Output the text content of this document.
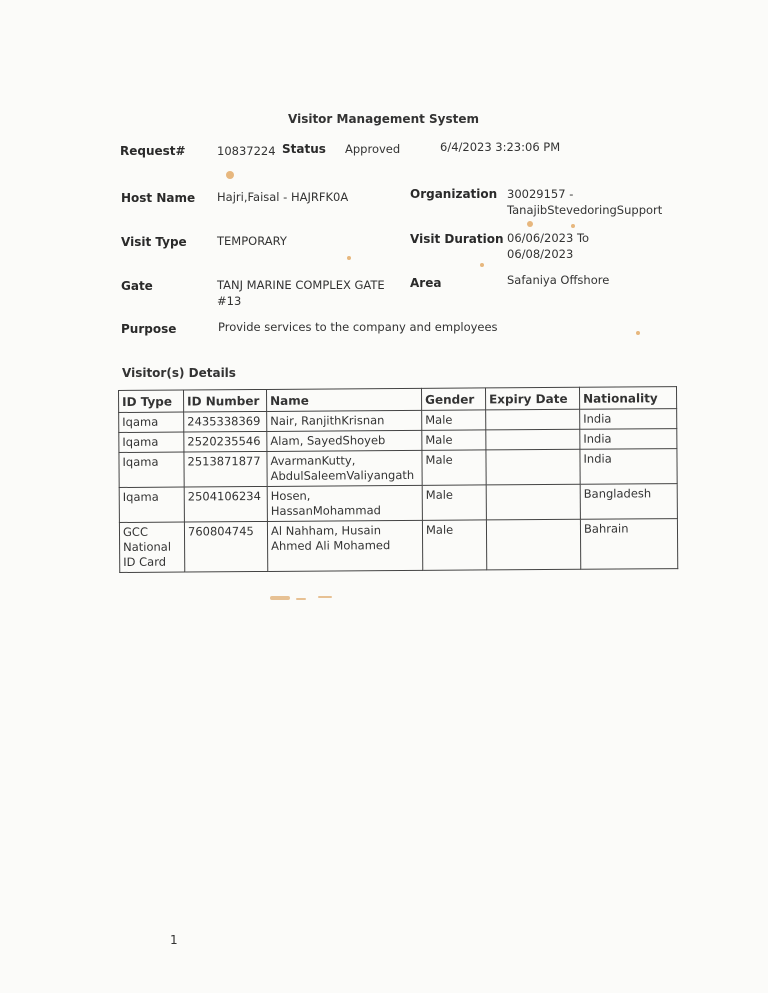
Visitor Management System
Request#	10837224 Status Approved	6/4/2023 3:23:06 PM
Host Name Hajri,Faisal - HAJRFK0A	Organization 30029157 - TanajibStevedoringSupport
Visit Type	TEMPORARY	Visit Duration 06/06/2023 To 06/08/2023
Gate	TANJ MARINE COMPLEX GATE #13
Area	Safaniya Offshore
Purpose	Provide services to the company and employees
Visitor(s) Details
ID Type	ID Number	Name	Gender	Expiry Date	Nationality
Iqama	2435338369	Nair, RanjithKrisnan	Male		India
Iqama	2520235546	Alam, SayedShoyeb	Male		India
Iqama	2513871877	AvarmanKutty, AbdulSaleemValiyangath	Male		India
Iqama	2504106234	Hosen, HassanMohammad	Male		Bangladesh
GCC National ID Card	760804745	Al Nahham, Husain Ahmed Ali Mohamed	Male		Bahrain
1
